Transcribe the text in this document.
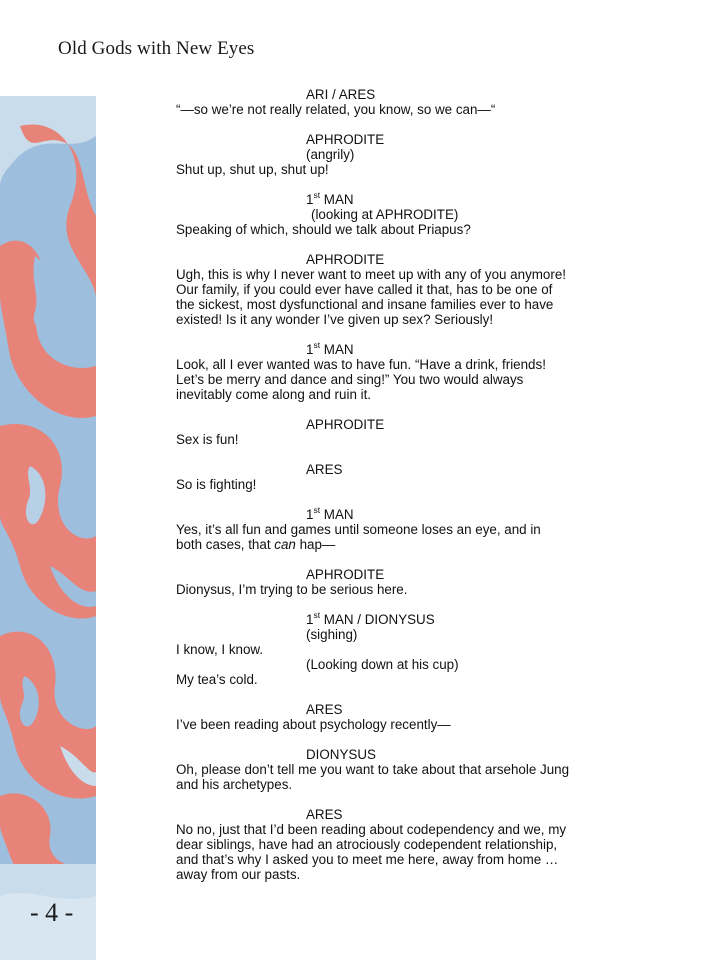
Old Gods with New Eyes
- 4 -
ARI / ARES
“—so we’re not really related, you know, so we can—“
APHRODITE
(angrily)
Shut up, shut up, shut up!
1st MAN
(looking at APHRODITE)
Speaking of which, should we talk about Priapus?
APHRODITE
Ugh, this is why I never want to meet up with any of you anymore!
Our family, if you could ever have called it that, has to be one of
the sickest, most dysfunctional and insane families ever to have
existed! Is it any wonder I’ve given up sex? Seriously!
1st MAN
Look, all I ever wanted was to have fun. “Have a drink, friends!
Let’s be merry and dance and sing!” You two would always
inevitably come along and ruin it.
APHRODITE
Sex is fun!
ARES
So is fighting!
1st MAN
Yes, it’s all fun and games until someone loses an eye, and in
both cases, that can hap—
APHRODITE
Dionysus, I’m trying to be serious here.
1st MAN / DIONYSUS
(sighing)
I know, I know.
(Looking down at his cup)
My tea’s cold.
ARES
I’ve been reading about psychology recently—
DIONYSUS
Oh, please don’t tell me you want to take about that arsehole Jung
and his archetypes.
ARES
No no, just that I’d been reading about codependency and we, my
dear siblings, have had an atrociously codependent relationship,
and that’s why I asked you to meet me here, away from home …
away from our pasts.
